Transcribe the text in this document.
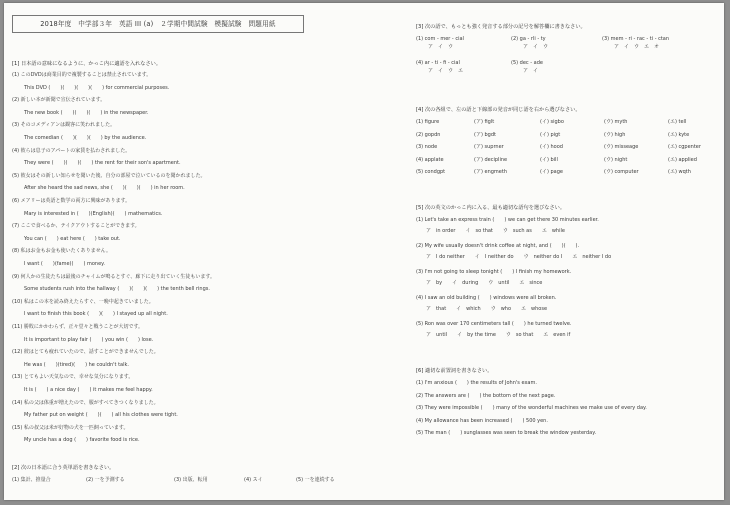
2018年度　中学部３年　英語 III (a)　２学期中間試験　模擬試験　問題用紙
[1] 日本語の意味になるように、かっこ内に適語を入れなさい。
(1) このDVDは商業目的で複製することは禁止されています。
This DVD (　　)(　　)(　　)(　　) for commercial purposes.
(2) 新しい本が新聞で宣伝されています。
The new book (　　)(　　)(　　) in the newspaper.
(3) そのコメディアンは観客に笑われました。
The comedian (　　)(　　)(　　) by the audience.
(4) 彼らは息子のアパートの家賃を払わされました。
They were (　　)(　　)(　　) the rent for their son's apartment.
(5) 彼女はその新しい知らせを聞いた後、自分の部屋で泣いているのを聞かれました。
After she heard the sad news, she (　　)(　　)(　　) in her room.
(6) メアリーは英語と数学の両方に興味があります。
Mary is interested in (　　)(English)(　　) mathematics.
(7) ここで食べるか、テイクアウトすることができます。
You can (　　) eat here (　　) take out.
(8) 私はお金もお金も使いたくありません。
I want (　　)(fame)(　　) money.
(9) 何人かの生徒たちは最後のチャイムが鳴るとすぐ、廊下に走り出ていく生徒もいます。
Some students rush into the hallway (　　)(　　)(　　) the tenth bell rings.
(10) 私はこの本を読み終えたらすぐ、一晩中起きていました。
I want to finish this book (　　)(　　) I stayed up all night.
(11) 勝敗にかかわらず、正々堂々と戦うことが大切です。
It is important to play fair (　　) you win (　　) lose.
(12) 彼はとても疲れていたので、話すことができませんでした。
He was (　　)(tired)(　　) he couldn't talk.
(13) とてもよい天気なので、幸せな気分になります。
It is (　　) a nice day (　　) it makes me feel happy.
(14) 私の父は体重が増えたので、服がすべてきつくなりました。
My father put on weight (　　)(　　) all his clothes were tight.
(15) 私の叔父は米が好物の犬を一匹飼っています。
My uncle has a dog (　　) favorite food is rice.
[2] 次の日本語に合う英単語を書きなさい。
(1) 集計、推量合	(2) 一を予測する	(3) 出版、転用	(4) スイ	(5) 一を連続する
[3] 次の語で、もっとも強く発音する部分の記号を解答欄に書きなさい。
(1) com - mer - cial
ア　イ　ウ
(2) ga - rli - ty
ア　イ　ウ
(3) mem - ri - rac - ti - ctan
ア　イ　ウ　エ　オ
(4) ar - ti - fi - cial
ア　イ　ウ　エ
(5) dec - ade
ア　イ
[4] 次の各組で、左の語と下線部の発音が同じ語を右から選びなさい。
(1) figure	(ア) figlt	(イ) sigbo	(ウ) myth	(エ) tell
(2) gopdn	(ア) bgdt	(イ) pigt	(ウ) high	(エ) kyte
(3) node	(ア) suprner	(イ) hood	(ウ) misseage	(エ) cgpenter
(4) applate	(ア) decipline	(イ) bill	(ウ) night	(エ) applied
(5) condgpt	(ア) engmeth	(イ) page	(ウ) computer	(エ) wqth
[5] 次の英文のかっこ内に入る、最も適切な語句を選びなさい。
(1) Let's take an express train (　　) we can get there 30 minutes earlier.
ア　in order　　イ　so that　　ウ　such as　　エ　while
(2) My wife usually doesn't drink coffee at night, and (　　)(　　).
ア　I do neither　　イ　I neither do　　ウ　neither do I　　エ　neither I do
(3) I'm not going to sleep tonight (　　) I finish my homework.
ア　by　　イ　during　　ウ　until　　エ　since
(4) I saw an old building (　　) windows were all broken.
ア　that　　イ　which　　ウ　who　　エ　whose
(5) Ron was over 170 centimeters tall (　　) he turned twelve.
ア　until　　イ　by the time　　ウ　so that　　エ　even if
[6] 適切な前置詞を書きなさい。
(1) I'm anxious (　　) the results of John's exam.
(2) The answers are (　　) the bottom of the next page.
(3) They were impossible (　　) many of the wonderful machines we make use of every day.
(4) My allowance has been increased (　　) 500 yen.
(5) The man (　　) sunglasses was seen to break the window yesterday.
